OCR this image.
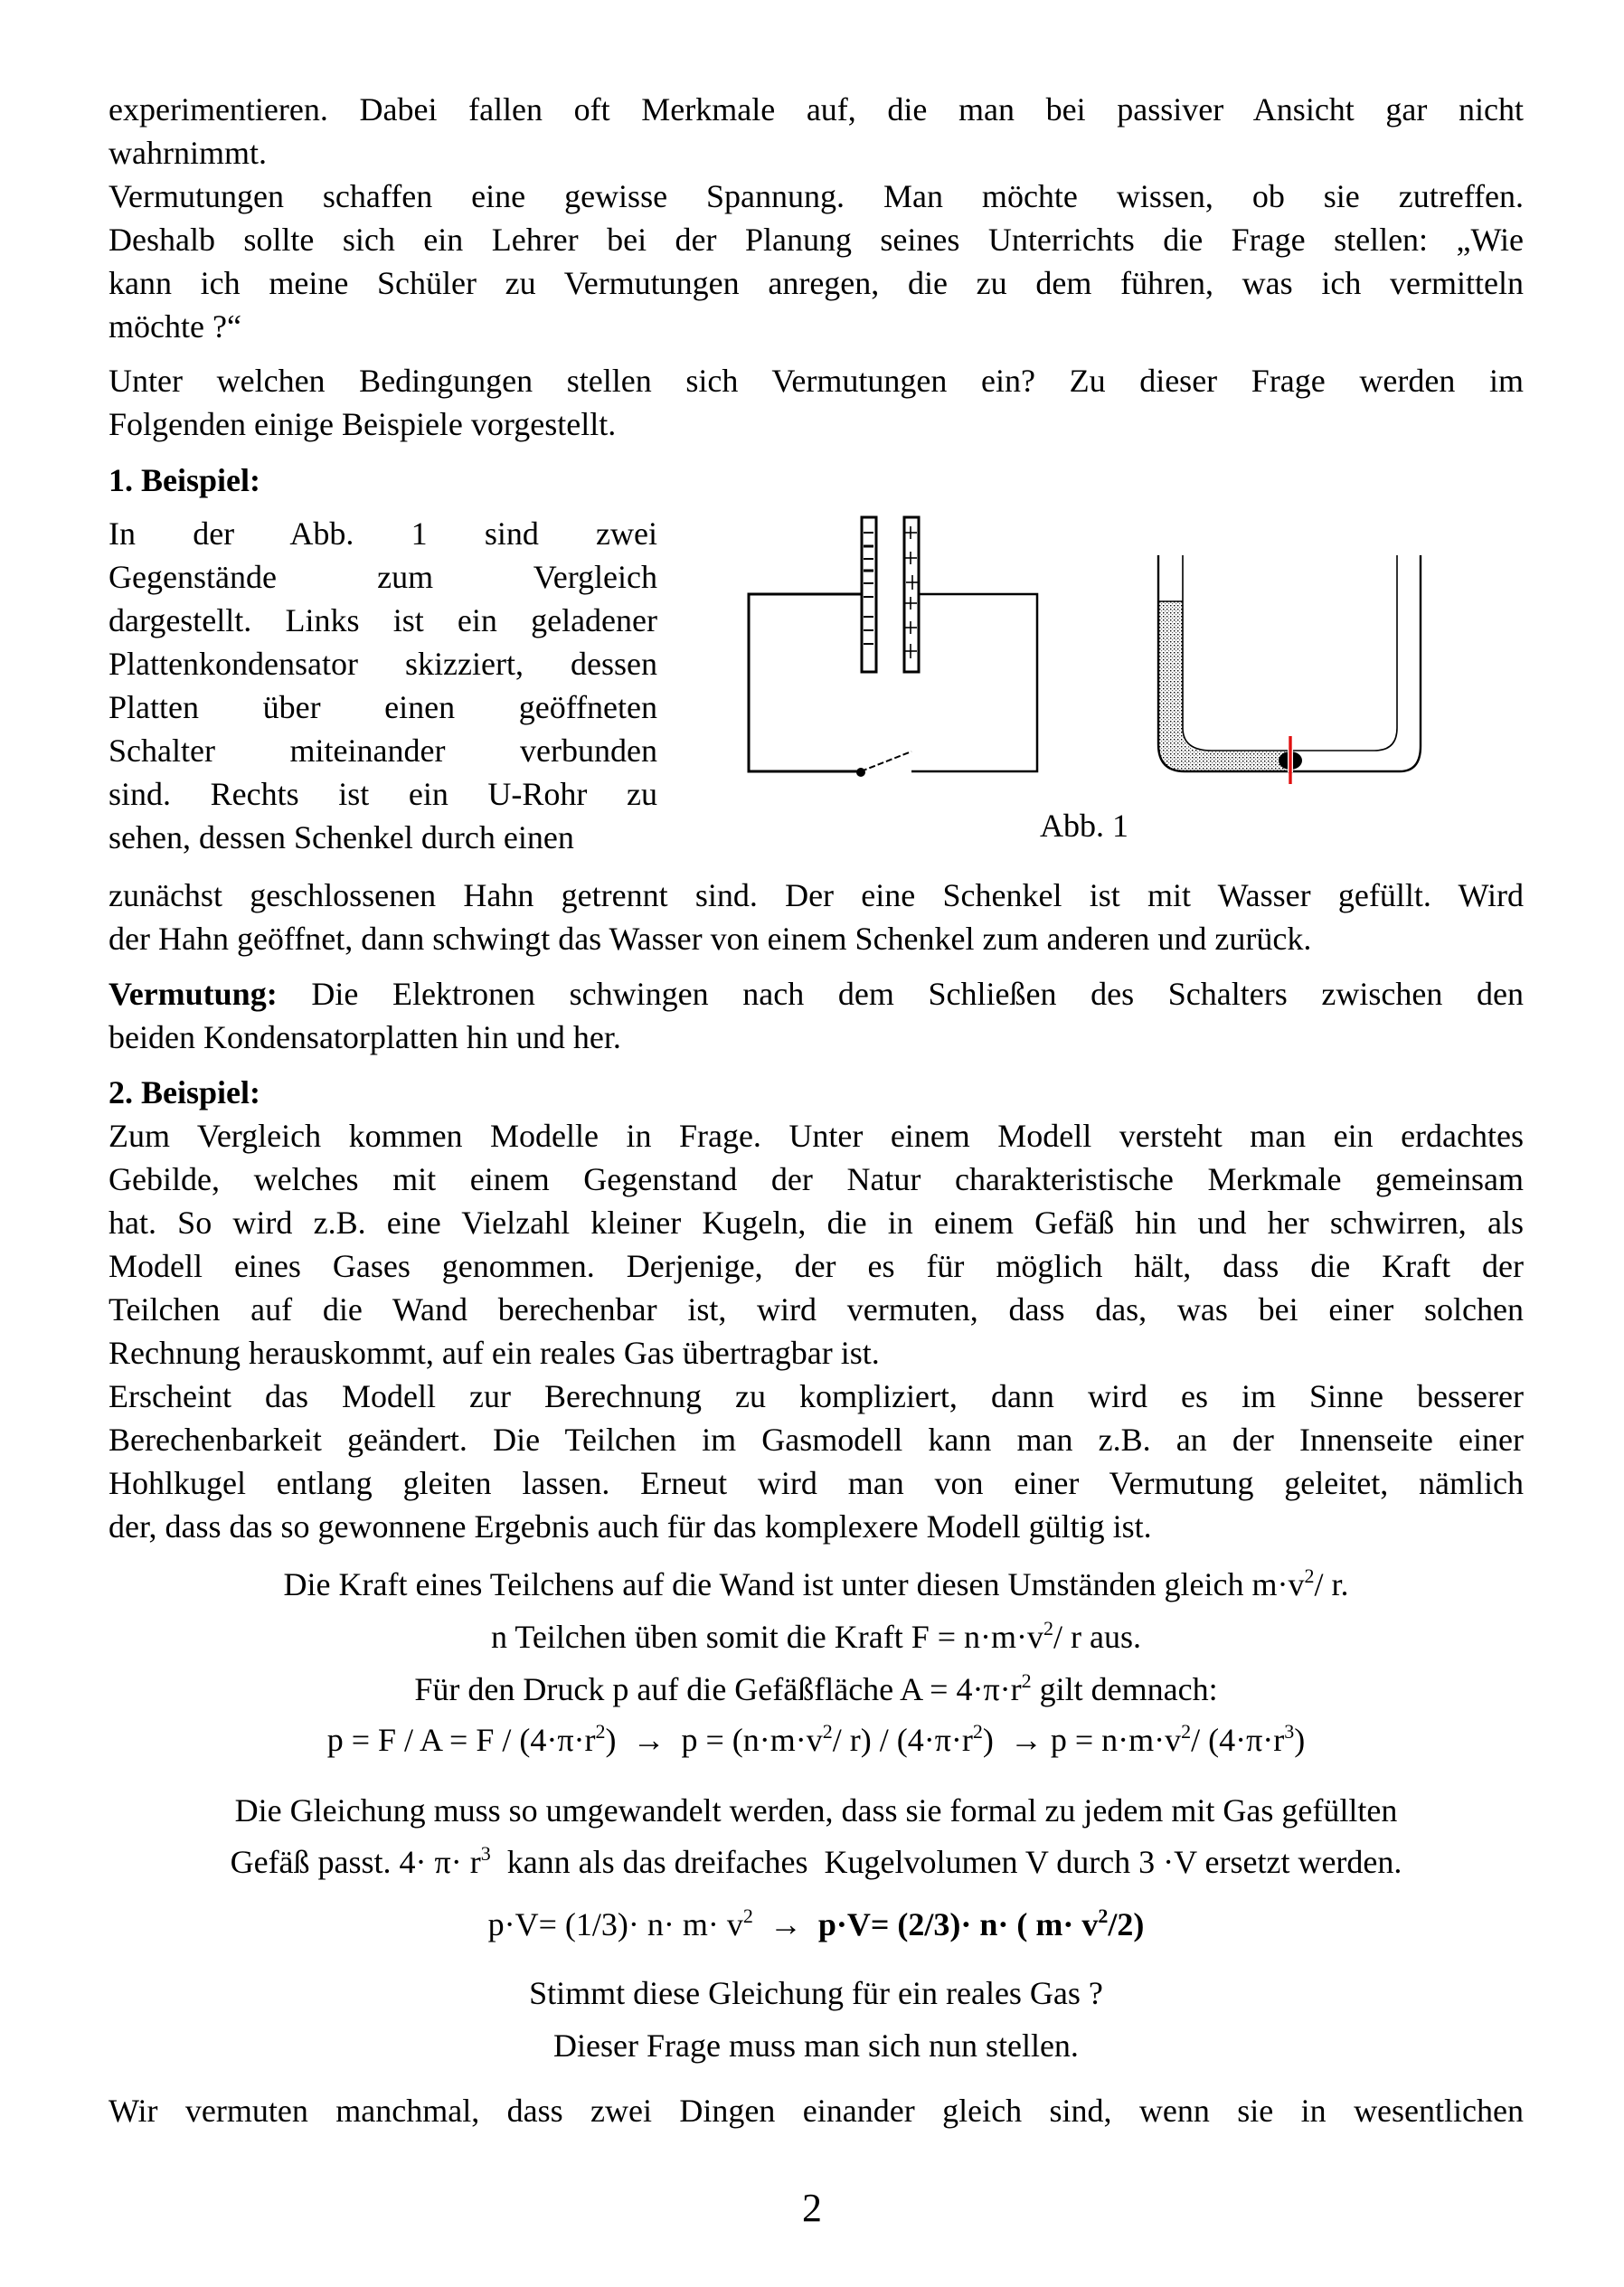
experimentieren. Dabei fallen oft Merkmale auf, die man bei passiver Ansicht gar nicht
wahrnimmt.
Vermutungen schaffen eine gewisse Spannung. Man möchte wissen, ob sie zutreffen.
Deshalb sollte sich ein Lehrer bei der Planung seines Unterrichts die Frage stellen: „Wie
kann ich meine Schüler zu Vermutungen anregen, die zu dem führen, was ich vermitteln
möchte ?“
Unter welchen Bedingungen stellen sich Vermutungen ein? Zu dieser Frage werden im
Folgenden einige Beispiele vorgestellt.
1. Beispiel:
In der Abb. 1 sind zwei
Gegenstände zum Vergleich
dargestellt. Links ist ein geladener
Plattenkondensator skizziert, dessen
Platten über einen geöffneten
Schalter miteinander verbunden
sind. Rechts ist ein U-Rohr zu
sehen, dessen Schenkel durch einen	Abb. 1
zunächst geschlossenen Hahn getrennt sind. Der eine Schenkel ist mit Wasser gefüllt. Wird
der Hahn geöffnet, dann schwingt das Wasser von einem Schenkel zum anderen und zurück.
Vermutung: Die Elektronen schwingen nach dem Schließen des Schalters zwischen den
beiden Kondensatorplatten hin und her.
2. Beispiel:
Zum Vergleich kommen Modelle in Frage. Unter einem Modell versteht man ein erdachtes
Gebilde, welches mit einem Gegenstand der Natur charakteristische Merkmale gemeinsam
hat. So wird z.B. eine Vielzahl kleiner Kugeln, die in einem Gefäß hin und her schwirren, als
Modell eines Gases genommen. Derjenige, der es für möglich hält, dass die Kraft der
Teilchen auf die Wand berechenbar ist, wird vermuten, dass das, was bei einer solchen
Rechnung herauskommt, auf ein reales Gas übertragbar ist.
Erscheint das Modell zur Berechnung zu kompliziert, dann wird es im Sinne besserer
Berechenbarkeit geändert. Die Teilchen im Gasmodell kann man z.B. an der Innenseite einer
Hohlkugel entlang gleiten lassen. Erneut wird man von einer Vermutung geleitet, nämlich
der, dass das so gewonnene Ergebnis auch für das komplexere Modell gültig ist.
Die Kraft eines Teilchens auf die Wand ist unter diesen Umständen gleich $m\cdot v^2/$ r.
n Teilchen üben somit die Kraft $F = n\cdot m\cdot v^2/$ r aus.
Für den Druck p auf die Gefäßfläche $A = 4\cdot\pi\cdot r^2$ gilt demnach:
$p = F / A = F / (4\cdot\pi\cdot r^2) \to p = (n\cdot m\cdot v^2/$ $r) / (4\cdot\pi\cdot r^2) \to p = n\cdot m\cdot v^2/$ $(4\cdot\pi\cdot r^3)$
Die Gleichung muss so umgewandelt werden, dass sie formal zu jedem mit Gas gefüllten
Gefäß passt. $4\cdot \pi\cdot r^3$  kann als das dreifaches  Kugelvolumen V durch 3 ·V ersetzt werden.
$p\cdot V= (1/3)\cdot n\cdot m\cdot v^2 \to p\cdot V= (2/3)\cdot n\cdot$ ( $m\cdot v^2/2$)
Stimmt diese Gleichung für ein reales Gas ?
Dieser Frage muss man sich nun stellen.
Wir vermuten manchmal, dass zwei Dingen einander gleich sind, wenn sie in wesentlichen
2
